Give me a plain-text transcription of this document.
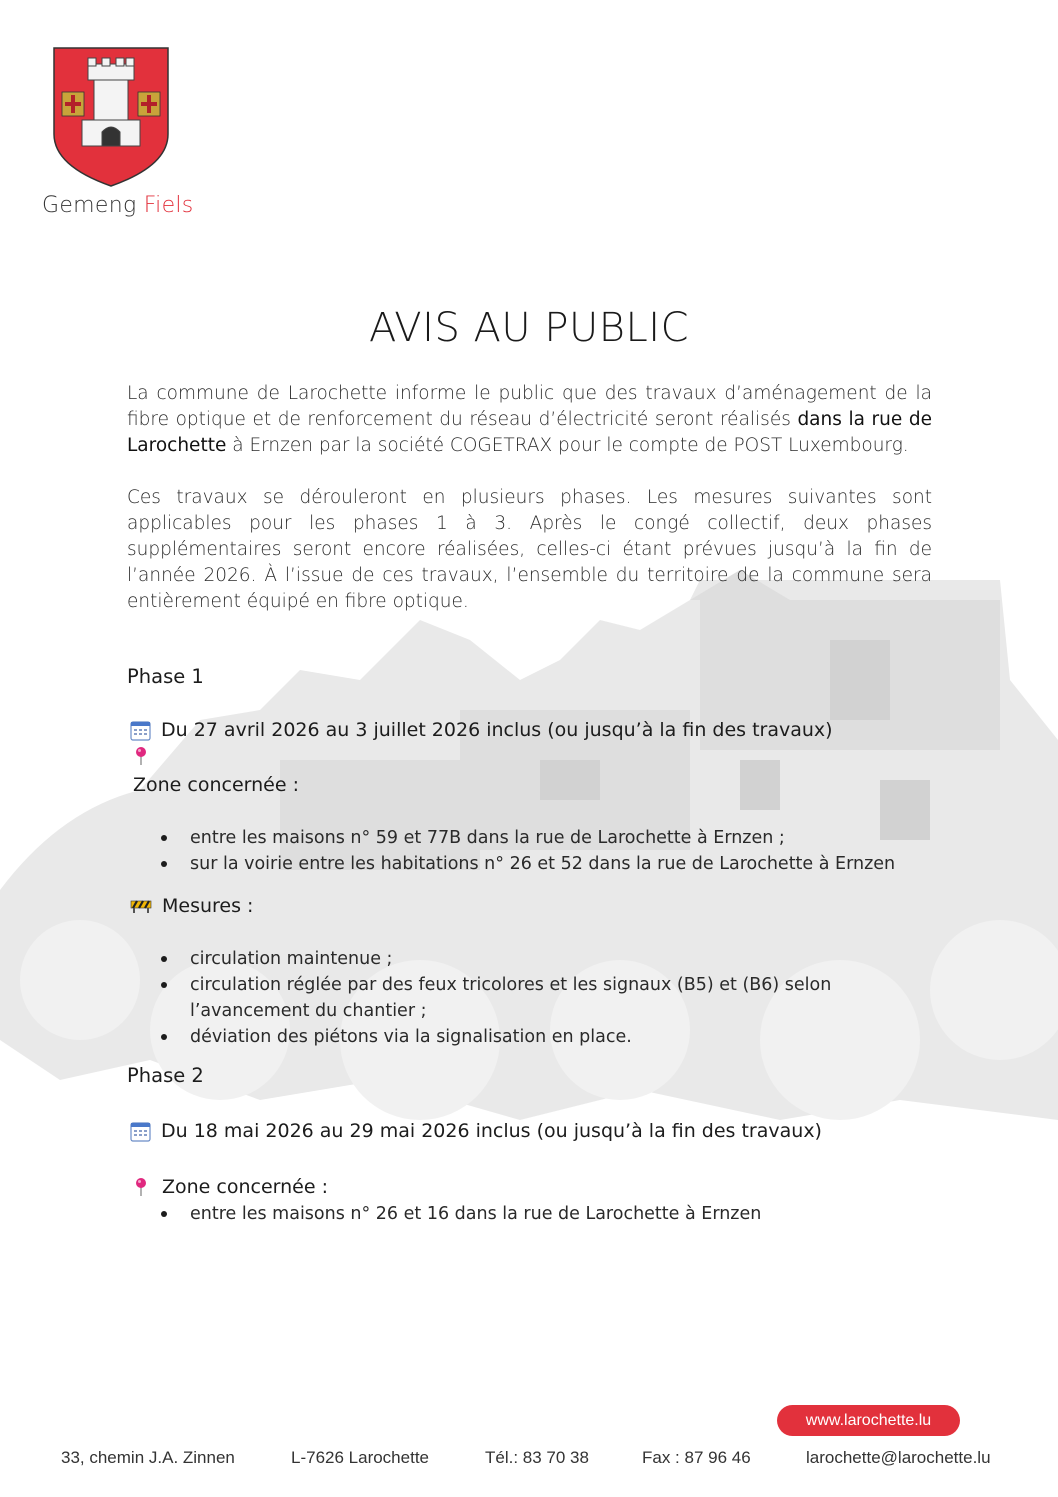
Gemeng Fiels
AVIS AU PUBLIC
La commune de Larochette informe le public que des travaux d’aménagement de la fibre optique et de renforcement du réseau d’électricité seront réalisés dans la rue de Larochette à Ernzen par la société COGETRAX pour le compte de POST Luxembourg.
Ces travaux se dérouleront en plusieurs phases. Les mesures suivantes sont applicables pour les phases 1 à 3. Après le congé collectif, deux phases supplémentaires seront encore réalisées, celles-ci étant prévues jusqu’à la fin de l’année 2026. À l’issue de ces travaux, l’ensemble du territoire de la commune sera entièrement équipé en fibre optique.
Phase 1
Du 27 avril 2026 au 3 juillet 2026 inclus (ou jusqu’à la fin des travaux)
Zone concernée :
entre les maisons n° 59 et 77B dans la rue de Larochette à Ernzen ;
sur la voirie entre les habitations n° 26 et 52 dans la rue de Larochette à Ernzen
Mesures :
circulation maintenue ;
circulation réglée par des feux tricolores et les signaux (B5) et (B6) selon l’avancement du chantier ;
déviation des piétons via la signalisation en place.
Phase 2
Du 18 mai 2026 au 29 mai 2026 inclus (ou jusqu’à la fin des travaux)
Zone concernée :
entre les maisons n° 26 et 16 dans la rue de Larochette à Ernzen
www.larochette.lu
33, chemin J.A. Zinnen	L-7626 Larochette	Tél.: 83 70 38	Fax : 87 96 46	larochette@larochette.lu
